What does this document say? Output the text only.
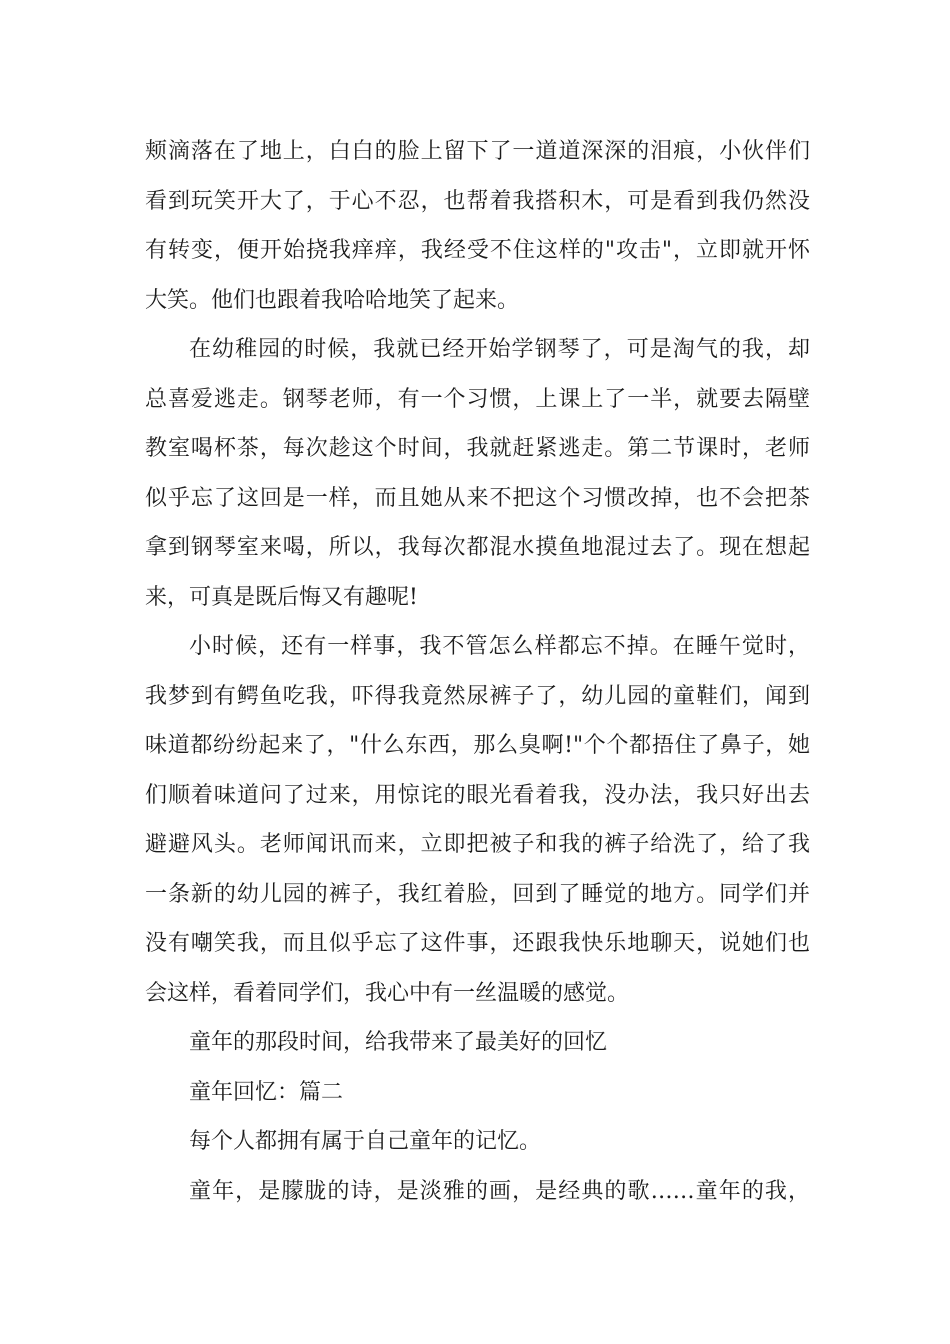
颊滴落在了地上，白白的脸上留下了一道道深深的泪痕，小伙伴们
看到玩笑开大了，于心不忍，也帮着我搭积木，可是看到我仍然没
有转变，便开始挠我痒痒，我经受不住这样的"攻击"，立即就开怀
大笑。他们也跟着我哈哈地笑了起来。
在幼稚园的时候，我就已经开始学钢琴了，可是淘气的我，却
总喜爱逃走。钢琴老师，有一个习惯，上课上了一半，就要去隔壁
教室喝杯茶，每次趁这个时间，我就赶紧逃走。第二节课时，老师
似乎忘了这回是一样，而且她从来不把这个习惯改掉，也不会把茶
拿到钢琴室来喝，所以，我每次都混水摸鱼地混过去了。现在想起
来，可真是既后悔又有趣呢!
小时候，还有一样事，我不管怎么样都忘不掉。在睡午觉时，
我梦到有鳄鱼吃我，吓得我竟然尿裤子了，幼儿园的童鞋们，闻到
味道都纷纷起来了，"什么东西，那么臭啊!"个个都捂住了鼻子，她
们顺着味道问了过来，用惊诧的眼光看着我，没办法，我只好出去
避避风头。老师闻讯而来，立即把被子和我的裤子给洗了，给了我
一条新的幼儿园的裤子，我红着脸，回到了睡觉的地方。同学们并
没有嘲笑我，而且似乎忘了这件事，还跟我快乐地聊天，说她们也
会这样，看着同学们，我心中有一丝温暖的感觉。
童年的那段时间，给我带来了最美好的回忆
童年回忆：篇二
每个人都拥有属于自己童年的记忆。
童年，是朦胧的诗，是淡雅的画，是经典的歌……童年的我，
